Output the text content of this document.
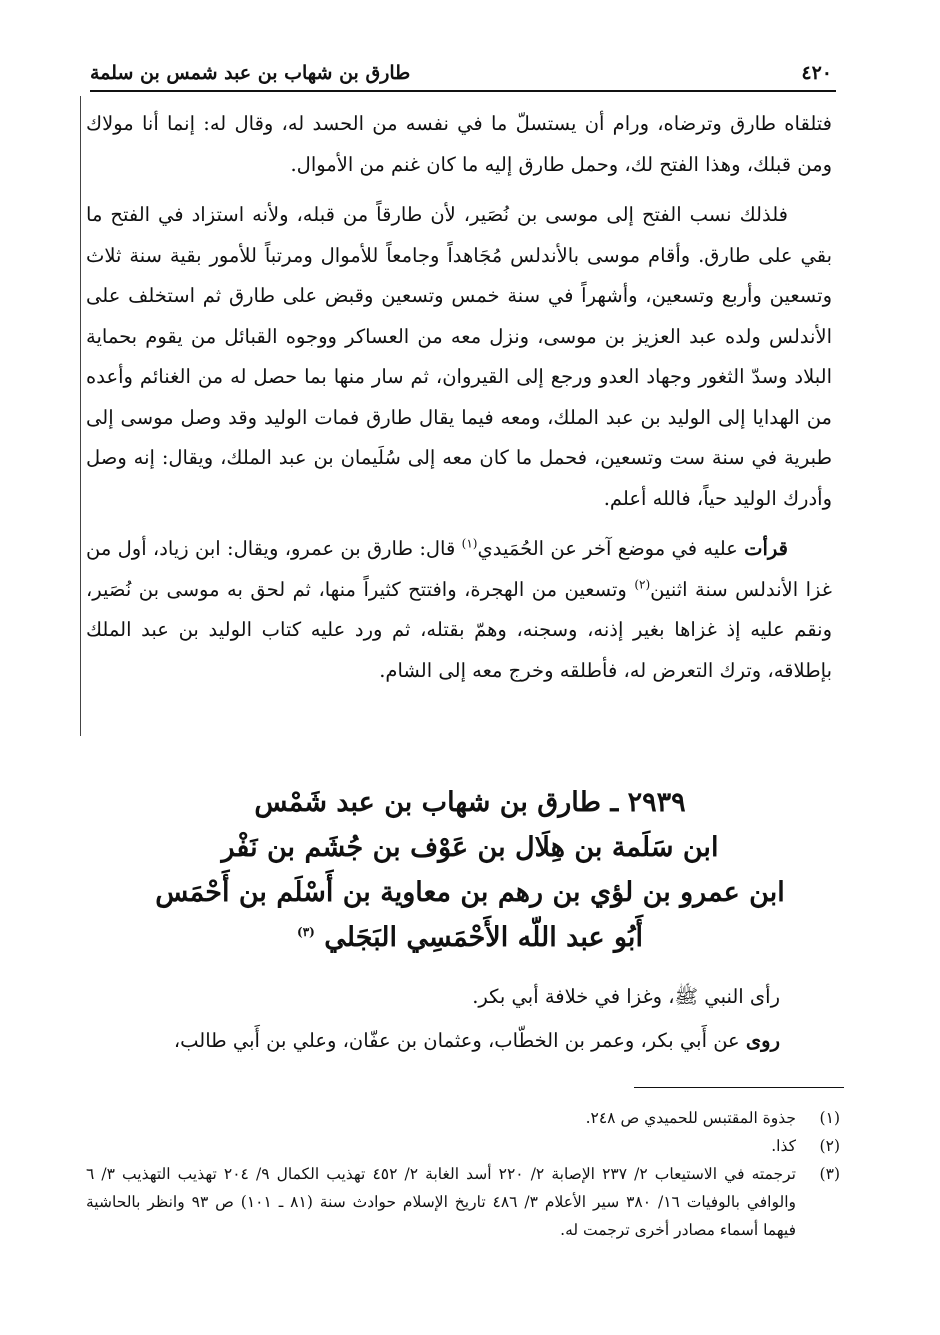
٤٢٠
طارق بن شهاب بن عبد شمس بن سلمة

فتلقاه طارق وترضاه، ورام أن يستسلّ ما في نفسه من الحسد له، وقال له: إنما أنا مولاك ومن قبلك، وهذا الفتح لك، وحمل طارق إليه ما كان غنم من الأموال.

فلذلك نسب الفتح إلى موسى بن نُصَير، لأن طارقاً من قبله، ولأنه استزاد في الفتح ما بقي على طارق. وأقام موسى بالأندلس مُجَاهداً وجامعاً للأموال ومرتباً للأمور بقية سنة ثلاث وتسعين وأربع وتسعين، وأشهراً في سنة خمس وتسعين وقبض على طارق ثم استخلف على الأندلس ولده عبد العزيز بن موسى، ونزل معه من العساكر ووجوه القبائل من يقوم بحماية البلاد وسدّ الثغور وجهاد العدو ورجع إلى القيروان، ثم سار منها بما حصل له من الغنائم وأعده من الهدايا إلى الوليد بن عبد الملك، ومعه فيما يقال طارق فمات الوليد وقد وصل موسى إلى طبرية في سنة ست وتسعين، فحمل ما كان معه إلى سُلَيمان بن عبد الملك، ويقال: إنه وصل وأدرك الوليد حياً، فالله أعلم.

قرأت عليه في موضع آخر عن الحُمَيدي$^{(١)}$ قال: طارق بن عمرو، ويقال: ابن زياد، أول من غزا الأندلس سنة اثنين$^{(٢)}$ وتسعين من الهجرة، وافتتح كثيراً منها، ثم لحق به موسى بن نُصَير، ونقم عليه إذ غزاها بغير إذنه، وسجنه، وهمّ بقتله، ثم ورد عليه كتاب الوليد بن عبد الملك بإطلاقه، وترك التعرض له، فأطلقه وخرج معه إلى الشام.

٢٩٣٩ ـ طارق بن شهاب بن عبد شَمْس
ابن سَلَمة بن هِلَال بن عَوْف بن جُشَم بن نَفْر
ابن عمرو بن لؤي بن رهم بن معاوية بن أَسْلَم بن أَحْمَس
أَبُو عبد اللّه الأَحْمَسِي البَجَلي $^{(٣)}$

رأى النبي ﷺ، وغزا في خلافة أبي بكر.

روى عن أَبي بكر، وعمر بن الخطّاب، وعثمان بن عفّان، وعلي بن أَبي طالب،

(١)
جذوة المقتبس للحميدي ص ٢٤٨.
(٢)
كذا.
(٣)
ترجمته في الاستيعاب ٢/ ٢٣٧ الإصابة ٢/ ٢٢٠ أسد الغابة ٢/ ٤٥٢ تهذيب الكمال ٩/ ٢٠٤ تهذيب التهذيب ٣/ ٦ والوافي بالوفيات ١٦/ ٣٨٠ سير الأعلام ٣/ ٤٨٦ تاريخ الإسلام حوادث سنة (٨١ ـ ١٠١) ص ٩٣ وانظر بالحاشية فيهما أسماء مصادر أخرى ترجمت له.
